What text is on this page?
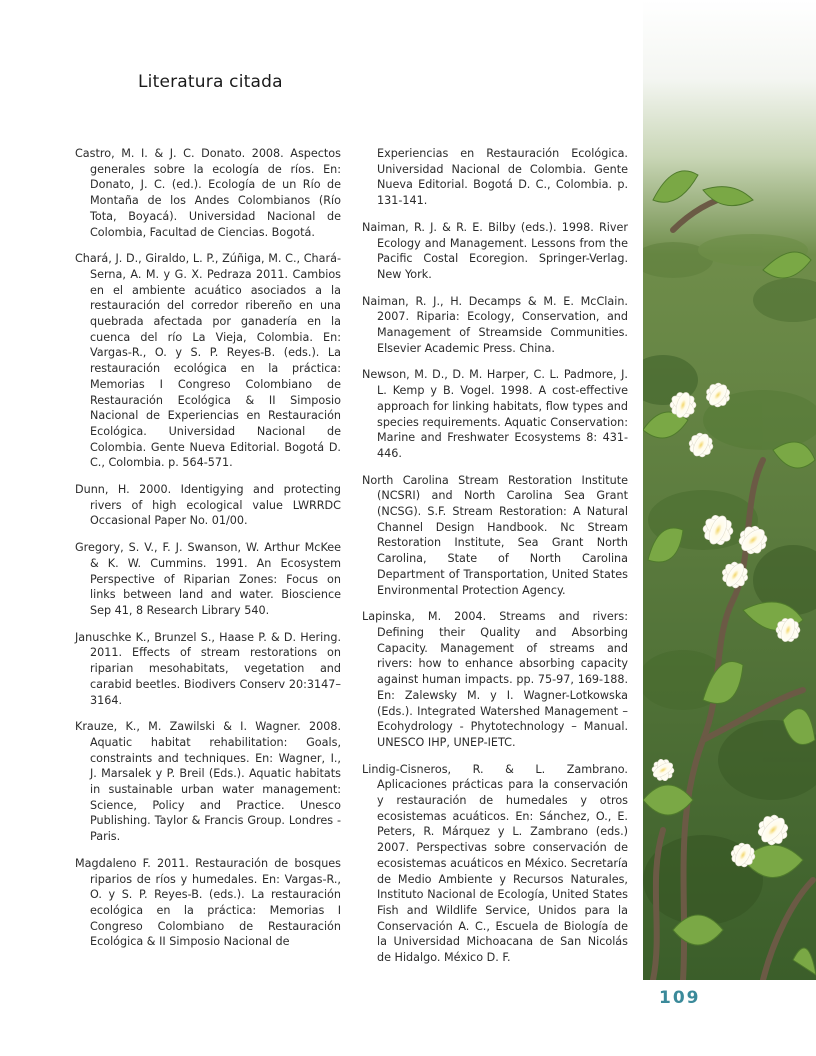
Literatura citada

Castro, M. I. & J. C. Donato. 2008. Aspectos generales sobre la ecología de ríos. En: Donato, J. C. (ed.). Ecología de un Río de Montaña de los Andes Colombianos (Río Tota, Boyacá). Universidad Nacional de Colombia, Facultad de Ciencias. Bogotá.

Chará, J. D., Giraldo, L. P., Zúñiga, M. C., Chará-Serna, A. M. y G. X. Pedraza 2011. Cambios en el ambiente acuático asociados a la restauración del corredor ribereño en una quebrada afectada por ganadería en la cuenca del río La Vieja, Colombia. En: Vargas-R., O. y S. P. Reyes-B. (eds.). La restauración ecológica en la práctica: Memorias I Congreso Colombiano de Restauración Ecológica & II Simposio Nacional de Experiencias en Restauración Ecológica. Universidad Nacional de Colombia. Gente Nueva Editorial. Bogotá D. C., Colombia. p. 564-571.

Dunn, H. 2000. Identigying and protecting rivers of high ecological value LWRRDC Occasional Paper No. 01/00.

Gregory, S. V., F. J. Swanson, W. Arthur McKee & K. W. Cummins. 1991. An Ecosystem Perspective of Riparian Zones: Focus on links between land and water. Bioscience Sep 41, 8 Research Library 540.

Januschke K., Brunzel S., Haase P. & D. Hering. 2011. Effects of stream restorations on riparian mesohabitats, vegetation and carabid beetles. Biodivers Conserv 20:3147–3164.

Krauze, K., M. Zawilski & I. Wagner. 2008. Aquatic habitat rehabilitation: Goals, constraints and techniques. En: Wagner, I., J. Marsalek y P. Breil (Eds.). Aquatic habitats in sustainable urban water management: Science, Policy and Practice. Unesco Publishing. Taylor & Francis Group. Londres - Paris.

Magdaleno F. 2011. Restauración de bosques riparios de ríos y humedales. En: Vargas-R., O. y S. P. Reyes-B. (eds.). La restauración ecológica en la práctica: Memorias I Congreso Colombiano de Restauración Ecológica & II Simposio Nacional de

Experiencias en Restauración Ecológica. Universidad Nacional de Colombia. Gente Nueva Editorial. Bogotá D. C., Colombia. p. 131-141.

Naiman, R. J. & R. E. Bilby (eds.). 1998. River Ecology and Management. Lessons from the Pacific Costal Ecoregion. Springer-Verlag. New York.

Naiman, R. J., H. Decamps & M. E. McClain. 2007. Riparia: Ecology, Conservation, and Management of Streamside Communities. Elsevier Academic Press. China.

Newson, M. D., D. M. Harper, C. L. Padmore, J. L. Kemp y B. Vogel. 1998. A cost-effective approach for linking habitats, flow types and species requirements. Aquatic Conservation: Marine and Freshwater Ecosystems 8: 431- 446.

North Carolina Stream Restoration Institute (NCSRI) and North Carolina Sea Grant (NCSG). S.F. Stream Restoration: A Natural Channel Design Handbook. Nc Stream Restoration Institute, Sea Grant North Carolina, State of North Carolina Department of Transportation, United States Environmental Protection Agency.

Lapinska, M. 2004. Streams and rivers: Defining their Quality and Absorbing Capacity. Management of streams and rivers: how to enhance absorbing capacity against human impacts. pp. 75-97, 169-188. En: Zalewsky M. y I. Wagner-Lotkowska (Eds.). Integrated Watershed Management – Ecohydrology - Phytotechnology – Manual. UNESCO IHP, UNEP-IETC.

Lindig-Cisneros, R. & L. Zambrano. Aplicaciones prácticas para la conservación y restauración de humedales y otros ecosistemas acuáticos. En: Sánchez, O., E. Peters, R. Márquez y L. Zambrano (eds.) 2007. Perspectivas sobre conservación de ecosistemas acuáticos en México. Secretaría de Medio Ambiente y Recursos Naturales, Instituto Nacional de Ecología, United States Fish and Wildlife Service, Unidos para la Conservación A. C., Escuela de Biología de la Universidad Michoacana de San Nicolás de Hidalgo. México D. F.

109
